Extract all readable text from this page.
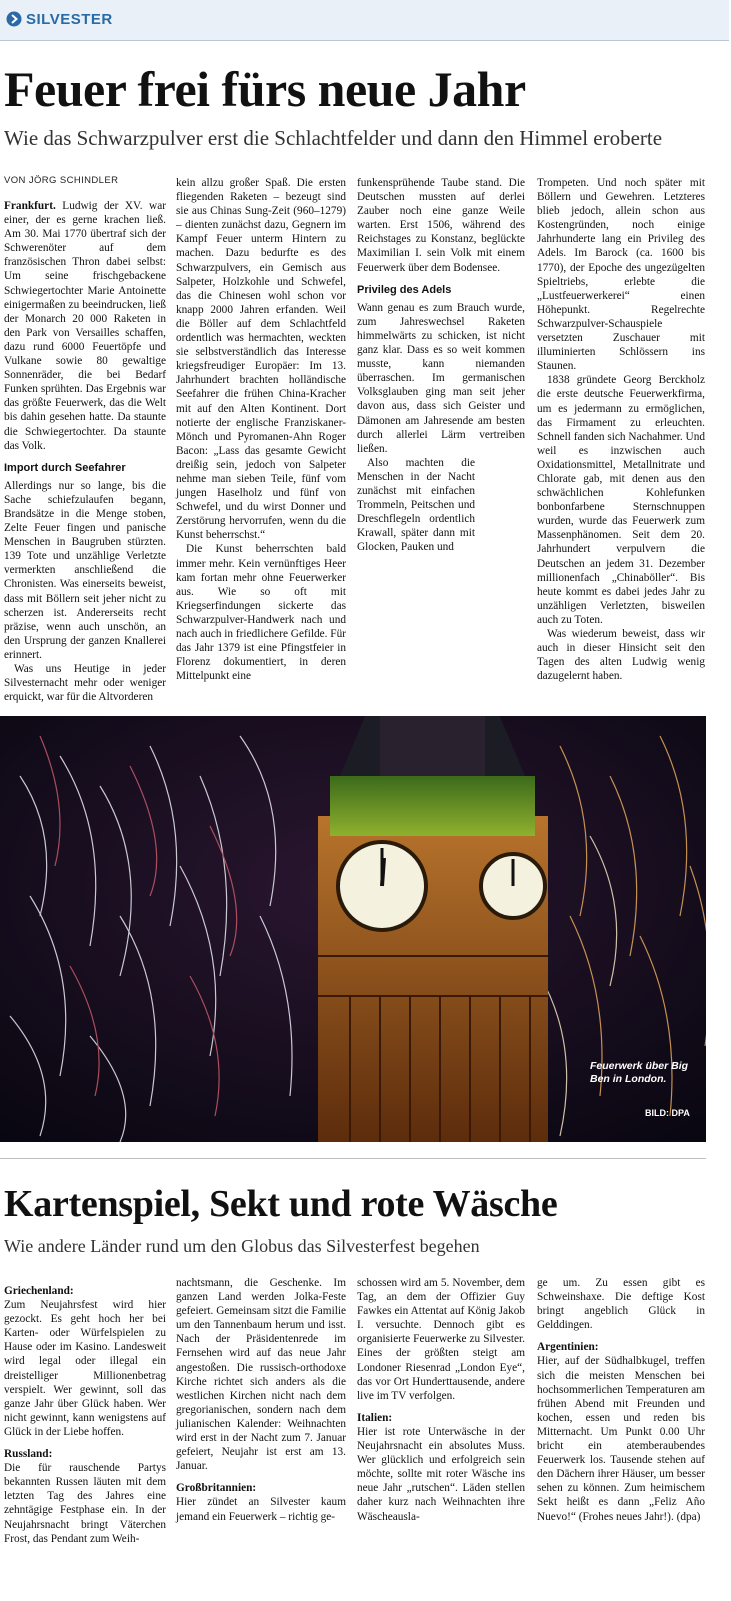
SILVESTER
Feuer frei fürs neue Jahr
Wie das Schwarzpulver erst die Schlachtfelder und dann den Himmel eroberte
VON JÖRG SCHINDLER

Frankfurt. Ludwig der XV. war einer, der es gerne krachen ließ. Am 30. Mai 1770 übertraf sich der Schwerenöter auf dem französischen Thron dabei selbst: Um seine frischgebackene Schwiegertochter Marie Antoinette einigermaßen zu beeindrucken, ließ der Monarch 20 000 Raketen in den Park von Versailles schaffen, dazu rund 6000 Feuertöpfe und Vulkane sowie 80 gewaltige Sonnenräder, die bei Bedarf Funken sprühten. Das Ergebnis war das größte Feuerwerk, das die Welt bis dahin gesehen hatte. Da staunte die Schwiegertochter. Da staunte das Volk.

Import durch Seefahrer

Allerdings nur so lange, bis die Sache schiefzulaufen begann, Brandsätze in die Menge stoben, Zelte Feuer fingen und panische Menschen in Baugruben stürzten. 139 Tote und unzählige Verletzte vermerkten anschließend die Chronisten. Was einerseits beweist, dass mit Böllern seit jeher nicht zu scherzen ist. Andererseits recht präzise, wenn auch unschön, an den Ursprung der ganzen Knallerei erinnert.

Was uns Heutige in jeder Silvesternacht mehr oder weniger erquickt, war für die Altvorderen

kein allzu großer Spaß. Die ersten fliegenden Raketen – bezeugt sind sie aus Chinas Sung-Zeit (960–1279) – dienten zunächst dazu, Gegnern im Kampf Feuer unterm Hintern zu machen. Dazu bedurfte es des Schwarzpulvers, ein Gemisch aus Salpeter, Holzkohle und Schwefel, das die Chinesen wohl schon vor knapp 2000 Jahren erfanden. Weil die Böller auf dem Schlachtfeld ordentlich was hermachten, weckten sie selbstverständlich das Interesse kriegsfreudiger Europäer: Im 13. Jahrhundert brachten holländische Seefahrer die frühen China-Kracher mit auf den Alten Kontinent. Dort notierte der englische Franziskaner-Mönch und Pyromanen-Ahn Roger Bacon: „Lass das gesamte Gewicht dreißig sein, jedoch von Salpeter nehme man sieben Teile, fünf vom jungen Haselholz und fünf von Schwefel, und du wirst Donner und Zerstörung hervorrufen, wenn du die Kunst beherrschst.“

Die Kunst beherrschten bald immer mehr. Kein vernünftiges Heer kam fortan mehr ohne Feuerwerker aus. Wie so oft mit Kriegserfindungen sickerte das Schwarzpulver-Handwerk nach und nach auch in friedlichere Gefilde. Für das Jahr 1379 ist eine Pfingstfeier in Florenz dokumentiert, in deren Mittelpunkt eine

funkensprühende Taube stand. Die Deutschen mussten auf derlei Zauber noch eine ganze Weile warten. Erst 1506, während des Reichstages zu Konstanz, beglückte Maximilian I. sein Volk mit einem Feuerwerk über dem Bodensee.

Privileg des Adels

Wann genau es zum Brauch wurde, zum Jahreswechsel Raketen himmelwärts zu schicken, ist nicht ganz klar. Dass es so weit kommen musste, kann niemanden überraschen. Im germanischen Volksglauben ging man seit jeher davon aus, dass sich Geister und Dämonen am Jahresende am besten durch allerlei Lärm vertreiben ließen.

Also machten die Menschen in der Nacht zunächst mit einfachen Trommeln, Peitschen und Dreschflegeln ordentlich Krawall, später dann mit Glocken, Pauken und

Trompeten. Und noch später mit Böllern und Gewehren. Letzteres blieb jedoch, allein schon aus Kostengründen, noch einige Jahrhunderte lang ein Privileg des Adels. Im Barock (ca. 1600 bis 1770), der Epoche des ungezügelten Spieltriebs, erlebte die „Lustfeuerwerkerei“ einen Höhepunkt. Regelrechte Schwarzpulver-Schauspiele versetzten Zuschauer mit illuminierten Schlössern ins Staunen.

1838 gründete Georg Berckholz die erste deutsche Feuerwerkfirma, um es jedermann zu ermöglichen, das Firmament zu erleuchten. Schnell fanden sich Nachahmer. Und weil es inzwischen auch Oxidationsmittel, Metallnitrate und Chlorate gab, mit denen aus den schwächlichen Kohlefunken bonbonfarbene Sternschnuppen wurden, wurde das Feuerwerk zum Massenphänomen. Seit dem 20. Jahrhundert verpulvern die Deutschen an jedem 31. Dezember millionenfach „Chinaböller“. Bis heute kommt es dabei jedes Jahr zu unzähligen Verletzten, bisweilen auch zu Toten.

Was wiederum beweist, dass wir auch in dieser Hinsicht seit den Tagen des alten Ludwig wenig dazugelernt haben.

Feuerwerk über Big Ben in London.
BILD: DPA
Kartenspiel, Sekt und rote Wäsche
Wie andere Länder rund um den Globus das Silvesterfest begehen

Griechenland:

Zum Neujahrsfest wird hier gezockt. Es geht hoch her bei Karten- oder Würfelspielen zu Hause oder im Kasino. Landesweit wird legal oder illegal ein dreistelliger Millionenbetrag verspielt. Wer gewinnt, soll das ganze Jahr über Glück haben. Wer nicht gewinnt, kann wenigstens auf Glück in der Liebe hoffen.

Russland:

Die für rauschende Partys bekannten Russen läuten mit dem letzten Tag des Jahres eine zehntägige Festphase ein. In der Neujahrsnacht bringt Väterchen Frost, das Pendant zum Weih-

nachtsmann, die Geschenke. Im ganzen Land werden Jolka-Feste gefeiert. Gemeinsam sitzt die Familie um den Tannenbaum herum und isst. Nach der Präsidentenrede im Fernsehen wird auf das neue Jahr angestoßen. Die russisch-orthodoxe Kirche richtet sich anders als die westlichen Kirchen nicht nach dem gregorianischen, sondern nach dem julianischen Kalender: Weihnachten wird erst in der Nacht zum 7. Januar gefeiert, Neujahr ist erst am 13. Januar.

Großbritannien:

Hier zündet an Silvester kaum jemand ein Feuerwerk – richtig ge-

schossen wird am 5. November, dem Tag, an dem der Offizier Guy Fawkes ein Attentat auf König Jakob I. versuchte. Dennoch gibt es organisierte Feuerwerke zu Silvester. Eines der größten steigt am Londoner Riesenrad „London Eye“, das vor Ort Hunderttausende, andere live im TV verfolgen.

Italien:

Hier ist rote Unterwäsche in der Neujahrsnacht ein absolutes Muss. Wer glücklich und erfolgreich sein möchte, sollte mit roter Wäsche ins neue Jahr „rutschen“. Läden stellen daher kurz nach Weihnachten ihre Wäscheausla-

ge um. Zu essen gibt es Schweinshaxe. Die deftige Kost bringt angeblich Glück in Gelddingen.

Argentinien:

Hier, auf der Südhalbkugel, treffen sich die meisten Menschen bei hochsommerlichen Temperaturen am frühen Abend mit Freunden und kochen, essen und reden bis Mitternacht. Um Punkt 0.00 Uhr bricht ein atemberaubendes Feuerwerk los. Tausende stehen auf den Dächern ihrer Häuser, um besser sehen zu können. Zum heimischem Sekt heißt es dann „Feliz Año Nuevo!“ (Frohes neues Jahr!). (dpa)
